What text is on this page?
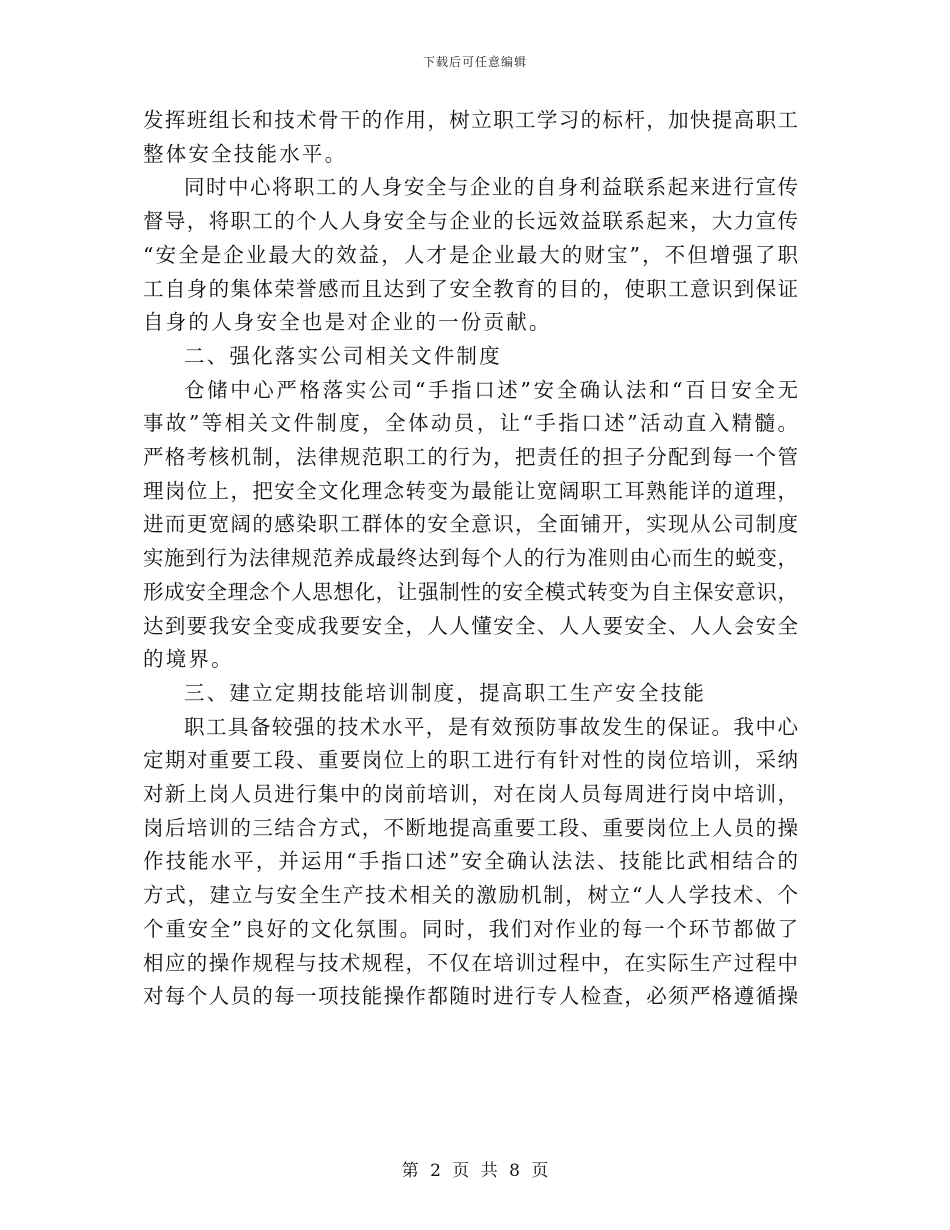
下载后可任意编辑
发挥班组长和技术骨干的作用，树立职工学习的标杆，加快提高职工
整体安全技能水平。
同时中心将职工的人身安全与企业的自身利益联系起来进行宣传
督导，将职工的个人人身安全与企业的长远效益联系起来，大力宣传
“安全是企业最大的效益，人才是企业最大的财宝”，不但增强了职
工自身的集体荣誉感而且达到了安全教育的目的，使职工意识到保证
自身的人身安全也是对企业的一份贡献。
二、强化落实公司相关文件制度
仓储中心严格落实公司“手指口述”安全确认法和“百日安全无
事故”等相关文件制度，全体动员，让“手指口述”活动直入精髓。
严格考核机制，法律规范职工的行为，把责任的担子分配到每一个管
理岗位上，把安全文化理念转变为最能让宽阔职工耳熟能详的道理，
进而更宽阔的感染职工群体的安全意识，全面铺开，实现从公司制度
实施到行为法律规范养成最终达到每个人的行为准则由心而生的蜕变，
形成安全理念个人思想化，让强制性的安全模式转变为自主保安意识，
达到要我安全变成我要安全，人人懂安全、人人要安全、人人会安全
的境界。
三、建立定期技能培训制度，提高职工生产安全技能
职工具备较强的技术水平，是有效预防事故发生的保证。我中心
定期对重要工段、重要岗位上的职工进行有针对性的岗位培训，采纳
对新上岗人员进行集中的岗前培训，对在岗人员每周进行岗中培训，
岗后培训的三结合方式，不断地提高重要工段、重要岗位上人员的操
作技能水平，并运用“手指口述”安全确认法法、技能比武相结合的
方式，建立与安全生产技术相关的激励机制，树立“人人学技术、个
个重安全”良好的文化氛围。同时，我们对作业的每一个环节都做了
相应的操作规程与技术规程，不仅在培训过程中，在实际生产过程中
对每个人员的每一项技能操作都随时进行专人检查，必须严格遵循操
第 2 页 共 8 页
